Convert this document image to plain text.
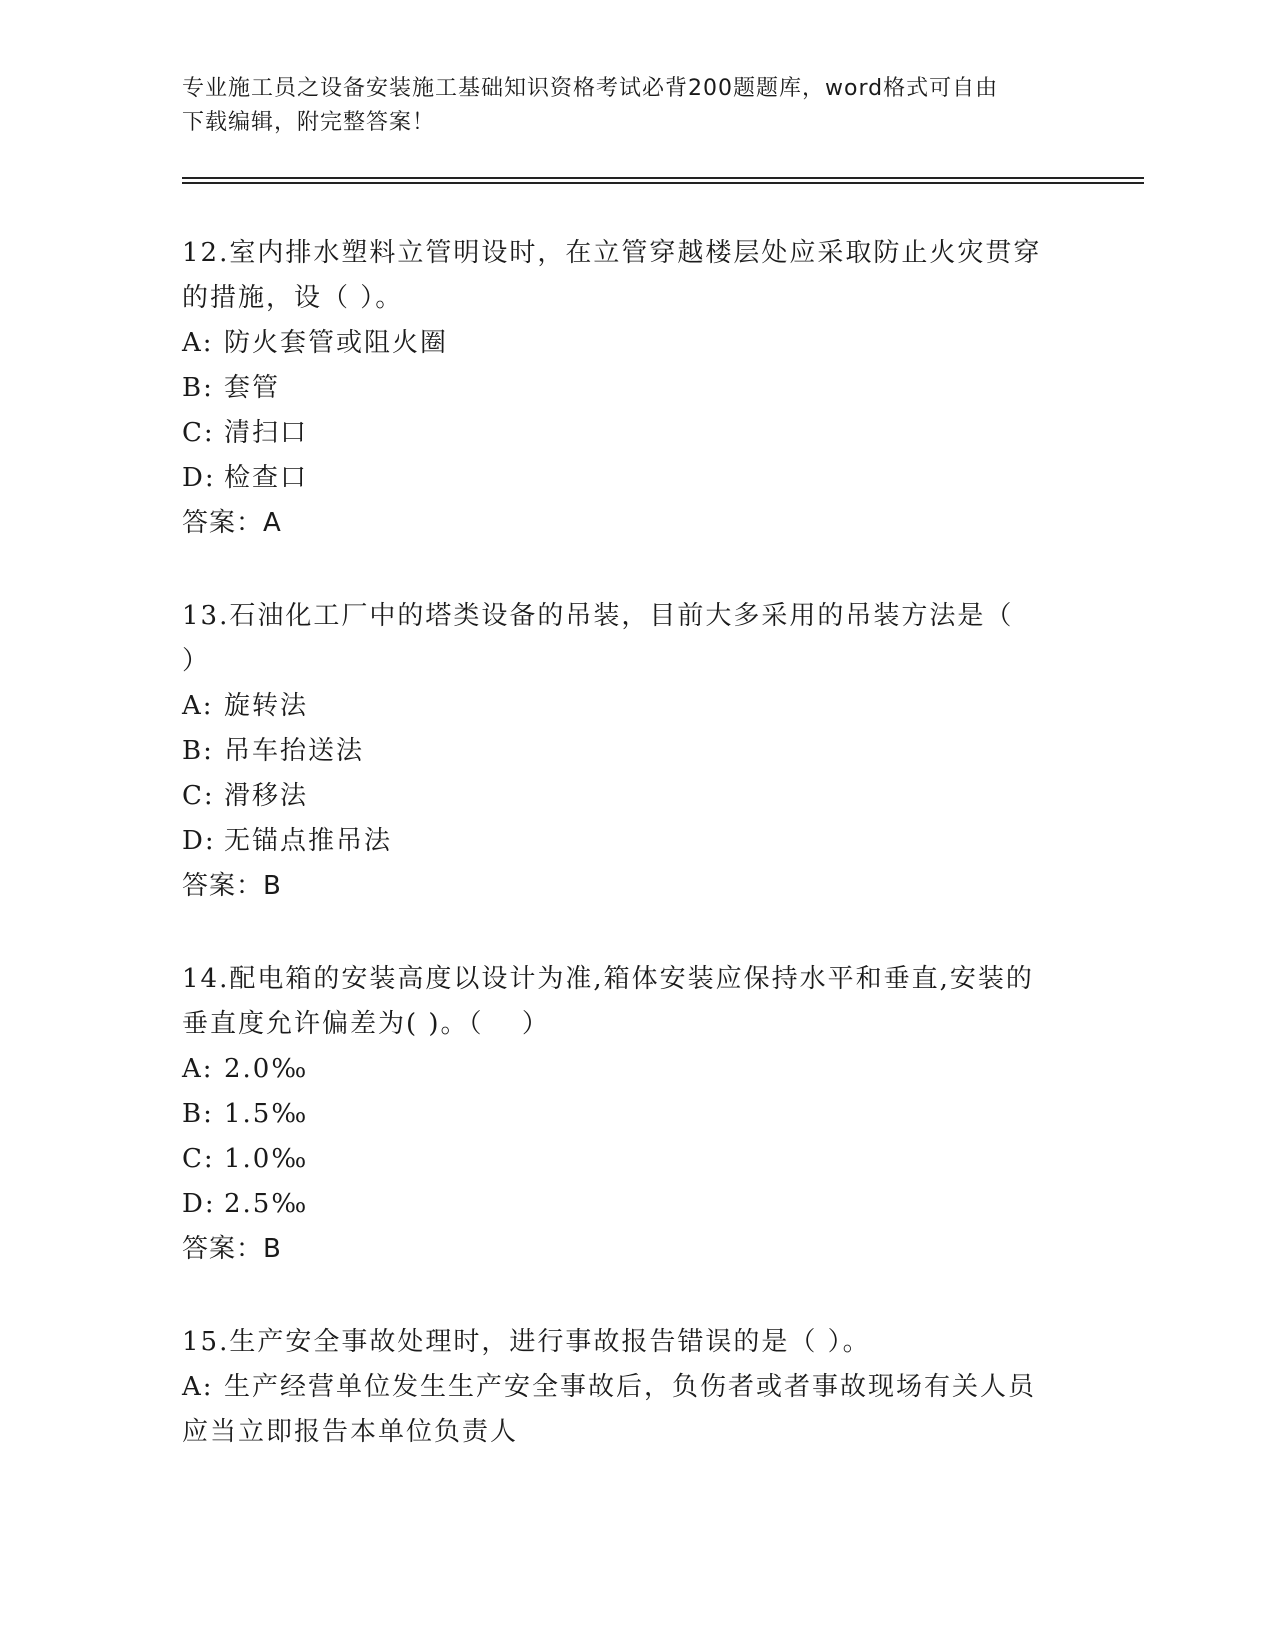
专业施工员之设备安装施工基础知识资格考试必背200题题库，word格式可自由
下载编辑，附完整答案！
12.室内排水塑料立管明设时，在立管穿越楼层处应采取防止火灾贯穿
的措施，设（ ）。
A: 防火套管或阻火圈
B: 套管
C: 清扫口
D: 检查口
答案：A
13.石油化工厂中的塔类设备的吊装，目前大多采用的吊装方法是（
）
A: 旋转法
B: 吊车抬送法
C: 滑移法
D: 无锚点推吊法
答案：B
14.配电箱的安装高度以设计为准,箱体安装应保持水平和垂直,安装的
垂直度允许偏差为( )。（　 ）
A: 2.0‰
B: 1.5‰
C: 1.0‰
D: 2.5‰
答案：B
15.生产安全事故处理时，进行事故报告错误的是（ ）。
A: 生产经营单位发生生产安全事故后，负伤者或者事故现场有关人员
应当立即报告本单位负责人
